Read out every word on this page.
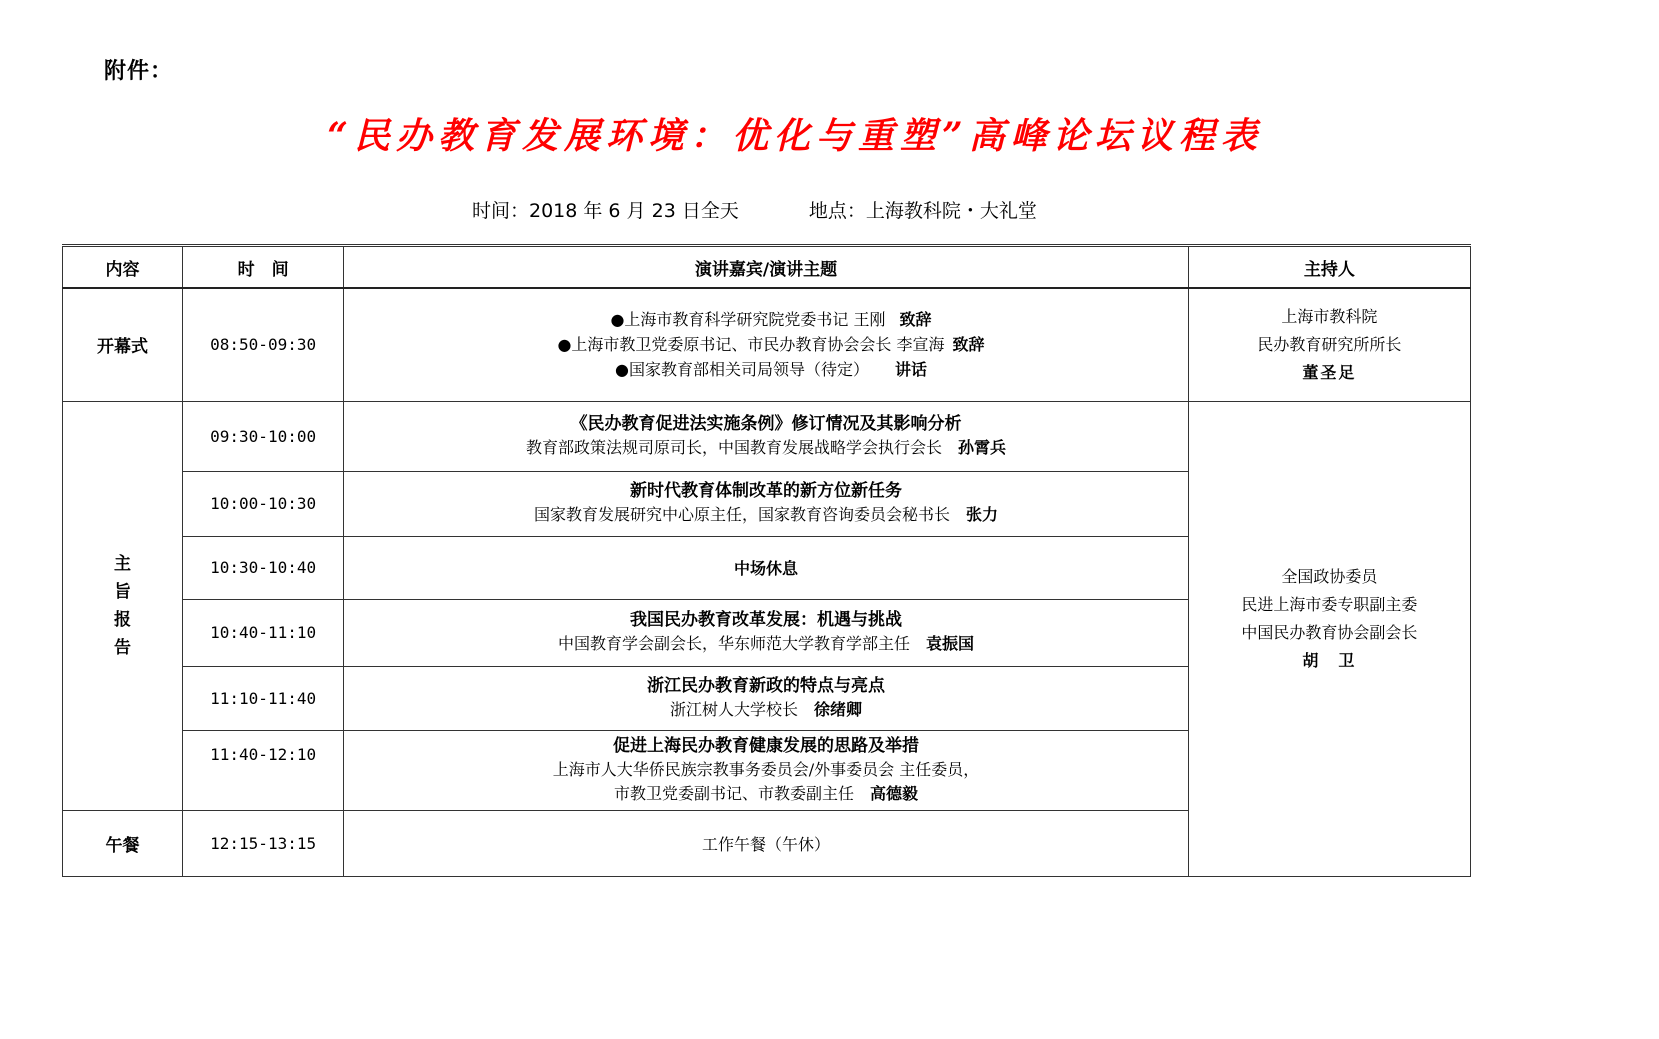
附件：
“民办教育发展环境：优化与重塑”高峰论坛议程表
时间：2018 年 6 月 23 日全天	地点：上海教科院・大礼堂
内容	时　间	演讲嘉宾/演讲主题	主持人
开幕式	08:50-09:30	●上海市教育科学研究院党委书记 王刚 致辞
●上海市教卫党委原书记、市民办教育协会会长 李宣海 致辞
●国家教育部相关司局领导（待定） 讲话	上海市教科院
民办教育研究所所长
董圣足

主
旨
报
告	09:30-10:00	《民办教育促进法实施条例》修订情况及其影响分析
教育部政策法规司原司长，中国教育发展战略学会执行会长 孙霄兵	全国政协委员
民进上海市委专职副主委
中国民办教育协会副会长
胡　卫

	10:00-10:30	新时代教育体制改革的新方位新任务
国家教育发展研究中心原主任，国家教育咨询委员会秘书长 张力	

	10:30-10:40	中场休息	
	10:40-11:10	我国民办教育改革发展：机遇与挑战
中国教育学会副会长，华东师范大学教育学部主任 袁振国	

	11:10-11:40	浙江民办教育新政的特点与亮点
浙江树人大学校长 徐绪卿	

	11:40-12:10	促进上海民办教育健康发展的思路及举措
上海市人大华侨民族宗教事务委员会/外事委员会 主任委员，
市教卫党委副书记、市教委副主任 高德毅	

午餐	12:15-13:15	工作午餐（午休）	
